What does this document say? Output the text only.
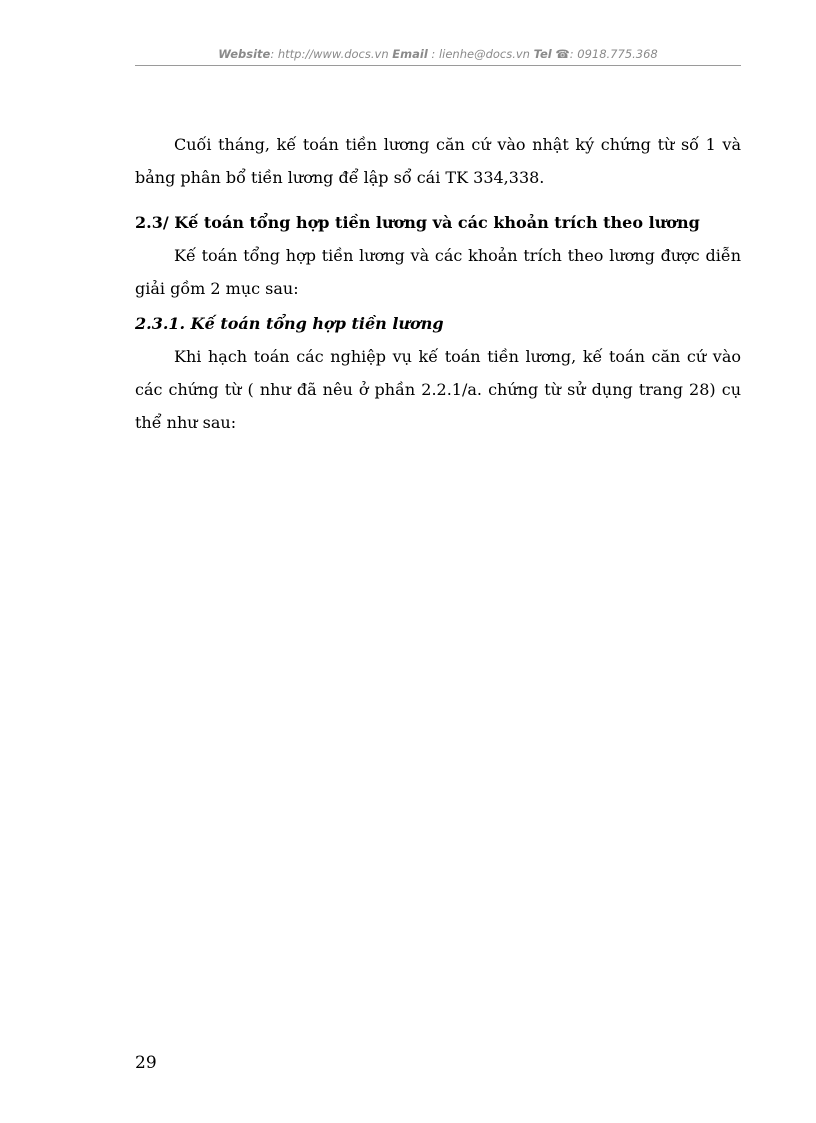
Website: http://www.docs.vn Email : lienhe@docs.vn Tel ☎: 0918.775.368

Cuối tháng, kế toán tiền lương căn cứ vào nhật ký chứng từ số 1 và bảng phân bổ tiền lương để lập sổ cái TK 334,338.

2.3/ Kế toán tổng hợp tiền lương và các khoản trích theo lương

Kế toán tổng hợp tiền lương và các khoản trích theo lương được diễn giải gồm 2 mục sau:

2.3.1. Kế toán tổng hợp tiền lương

Khi hạch toán các nghiệp vụ kế toán tiền lương, kế toán căn cứ vào các chứng từ ( như đã nêu ở phần 2.2.1/a. chứng từ sử dụng trang 28) cụ thể như sau:

29
